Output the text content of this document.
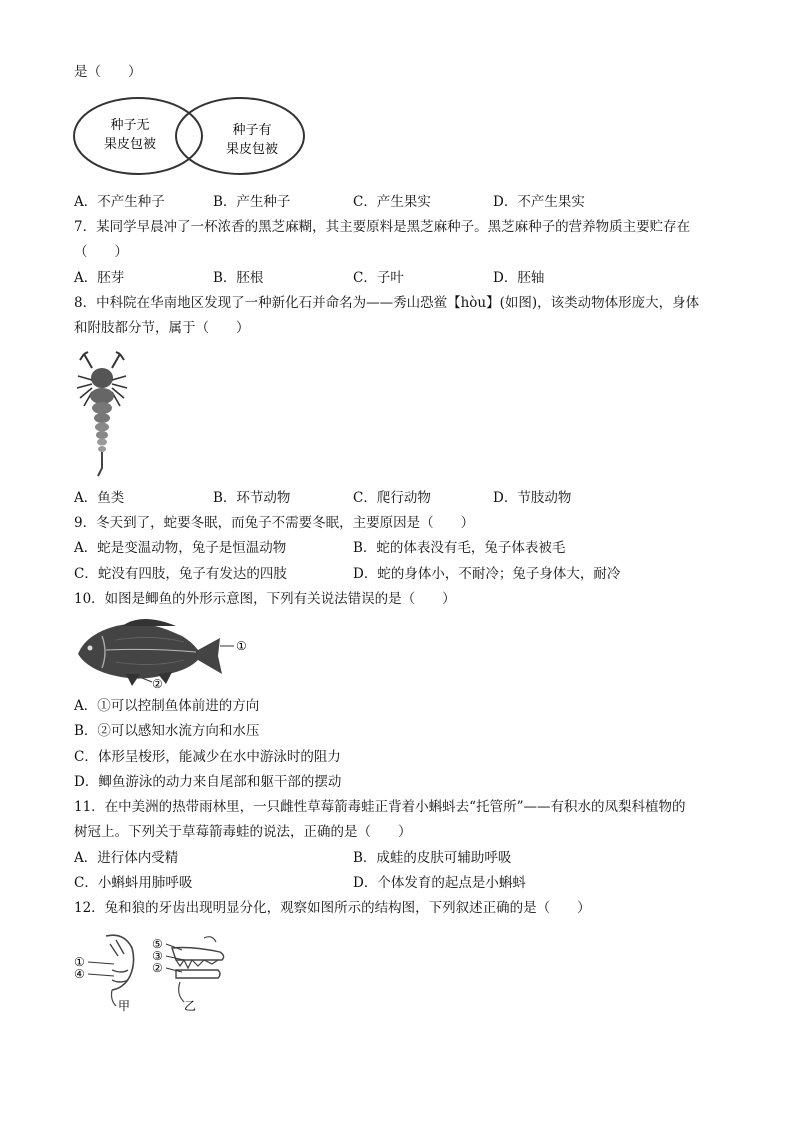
是（　　）
种子无
果皮包被
种子有
果皮包被
A．不产生种子	B．产生种子	C．产生果实	D．不产生果实
7．某同学早晨冲了一杯浓香的黑芝麻糊，其主要原料是黑芝麻种子。黑芝麻种子的营养物质主要贮存在
（　　）
A．胚芽	B．胚根	C．子叶	D．胚轴
8．中科院在华南地区发现了一种新化石并命名为——秀山恐鲎【hòu】(如图)，该类动物体形庞大，身体
和附肢都分节，属于（　　）
A．鱼类	B．环节动物	C．爬行动物	D．节肢动物
9．冬天到了，蛇要冬眠，而兔子不需要冬眠，主要原因是（　　）
A．蛇是变温动物，兔子是恒温动物	B．蛇的体表没有毛，兔子体表被毛
C．蛇没有四肢，兔子有发达的四肢	D．蛇的身体小，不耐冷；兔子身体大，耐冷
10．如图是鲫鱼的外形示意图，下列有关说法错误的是（　　）
①
②
A．①可以控制鱼体前进的方向
B．②可以感知水流方向和水压
C．体形呈梭形，能减少在水中游泳时的阻力
D．鲫鱼游泳的动力来自尾部和躯干部的摆动
11．在中美洲的热带雨林里，一只雌性草莓箭毒蛙正背着小蝌蚪去“托管所”——有积水的凤梨科植物的
树冠上。下列关于草莓箭毒蛙的说法，正确的是（　　）
A．进行体内受精	B．成蛙的皮肤可辅助呼吸
C．小蝌蚪用肺呼吸	D．个体发育的起点是小蝌蚪
12．兔和狼的牙齿出现明显分化，观察如图所示的结构图，下列叙述正确的是（　　）
①
④
甲
⑤
③
②
乙
